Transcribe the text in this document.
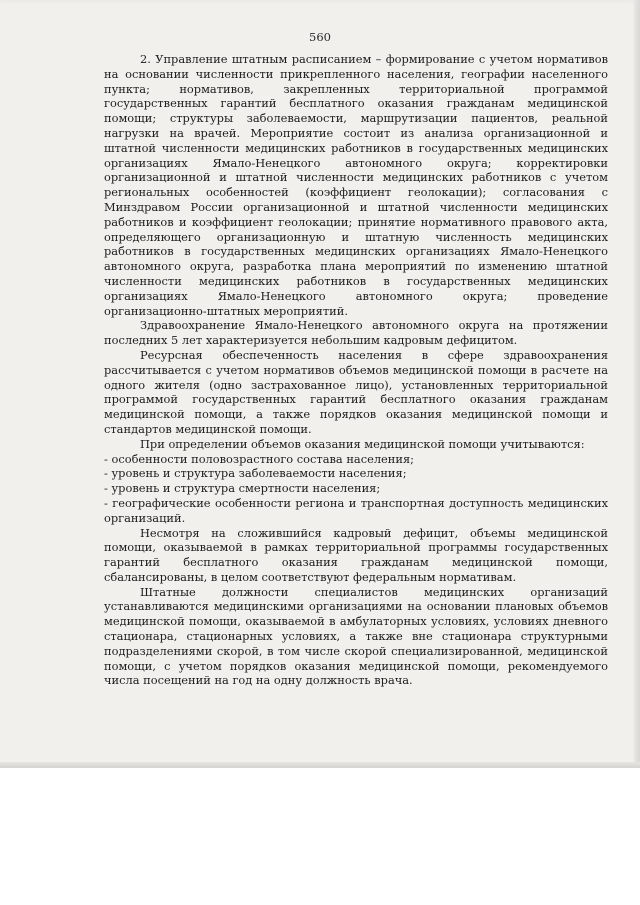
560

2. Управление штатным расписанием – формирование с учетом нормативов на основании численности прикрепленного населения, географии населенного пункта; нормативов, закрепленных территориальной программой государственных гарантий бесплатного оказания гражданам медицинской помощи; структуры заболеваемости, маршрутизации пациентов, реальной нагрузки на врачей. Мероприятие состоит из анализа организационной и штатной численности медицинских работников в государственных медицинских организациях Ямало-Ненецкого автономного округа; корректировки организационной и штатной численности медицинских работников с учетом региональных особенностей (коэффициент геолокации); согласования с Минздравом России организационной и штатной численности медицинских работников и коэффициент геолокации; принятие нормативного правового акта, определяющего организационную и штатную численность медицинских работников в государственных медицинских организациях Ямало-Ненецкого автономного округа, разработка плана мероприятий по изменению штатной численности медицинских работников в государственных медицинских организациях Ямало-Ненецкого автономного округа; проведение организационно-штатных мероприятий.

Здравоохранение Ямало-Ненецкого автономного округа на протяжении последних 5 лет характеризуется небольшим кадровым дефицитом.

Ресурсная обеспеченность населения в сфере здравоохранения рассчитывается с учетом нормативов объемов медицинской помощи в расчете на одного жителя (одно застрахованное лицо), установленных территориальной программой государственных гарантий бесплатного оказания гражданам медицинской помощи, а также порядков оказания медицинской помощи и стандартов медицинской помощи.

При определении объемов оказания медицинской помощи учитываются:

- особенности половозрастного состава населения;

- уровень и структура заболеваемости населения;

- уровень и структура смертности населения;

- географические особенности региона и транспортная доступность медицинских организаций.

Несмотря на сложившийся кадровый дефицит, объемы медицинской помощи, оказываемой в рамках территориальной программы государственных гарантий бесплатного оказания гражданам медицинской помощи, сбалансированы, в целом соответствуют федеральным нормативам.

Штатные должности специалистов медицинских организаций устанавливаются медицинскими организациями на основании плановых объемов медицинской помощи, оказываемой в амбулаторных условиях, условиях дневного стационара, стационарных условиях, а также вне стационара структурными подразделениями скорой, в том числе скорой специализированной, медицинской помощи, с учетом порядков оказания медицинской помощи, рекомендуемого числа посещений на год на одну должность врача.
